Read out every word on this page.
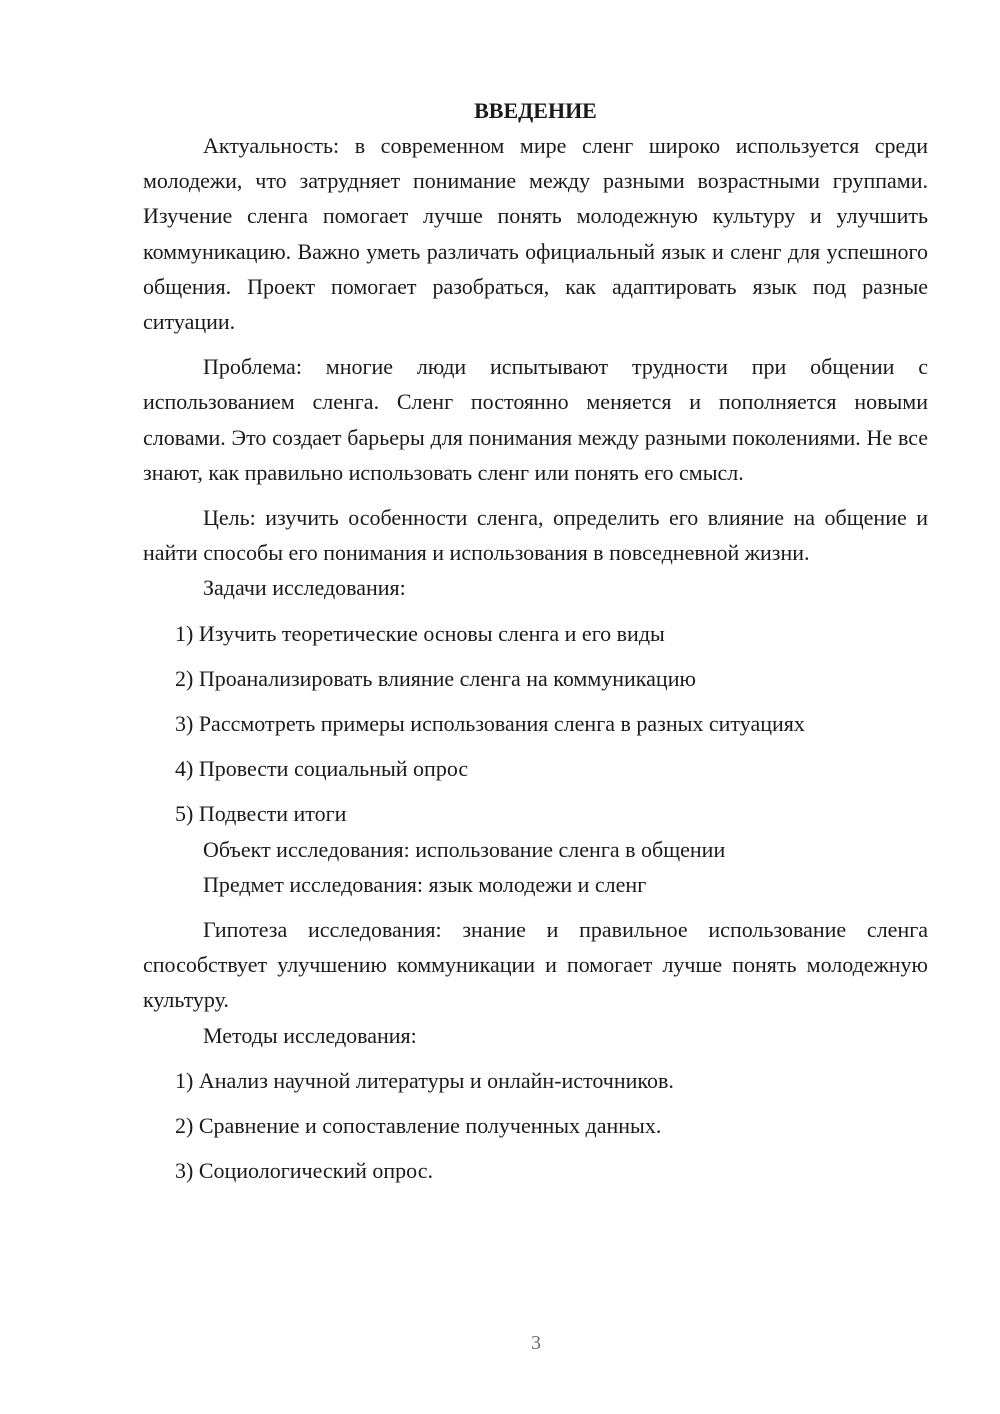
ВВЕДЕНИЕ

Актуальность: в современном мире сленг широко используется среди молодежи, что затрудняет понимание между разными возрастными группами. Изучение сленга помогает лучше понять молодежную культуру и улучшить коммуникацию. Важно уметь различать официальный язык и сленг для успешного общения. Проект помогает разобраться, как адаптировать язык под разные ситуации.

Проблема: многие люди испытывают трудности при общении с использованием сленга. Сленг постоянно меняется и пополняется новыми словами. Это создает барьеры для понимания между разными поколениями. Не все знают, как правильно использовать сленг или понять его смысл.

Цель: изучить особенности сленга, определить его влияние на общение и найти способы его понимания и использования в повседневной жизни.

Задачи исследования:

1) Изучить теоретические основы сленга и его виды

2) Проанализировать влияние сленга на коммуникацию

3) Рассмотреть примеры использования сленга в разных ситуациях

4) Провести социальный опрос

5) Подвести итоги

Объект исследования: использование сленга в общении

Предмет исследования: язык молодежи и сленг

Гипотеза исследования: знание и правильное использование сленга способствует улучшению коммуникации и помогает лучше понять молодежную культуру.

Методы исследования:

1) Анализ научной литературы и онлайн-источников.

2) Сравнение и сопоставление полученных данных.

3) Социологический опрос.

3
